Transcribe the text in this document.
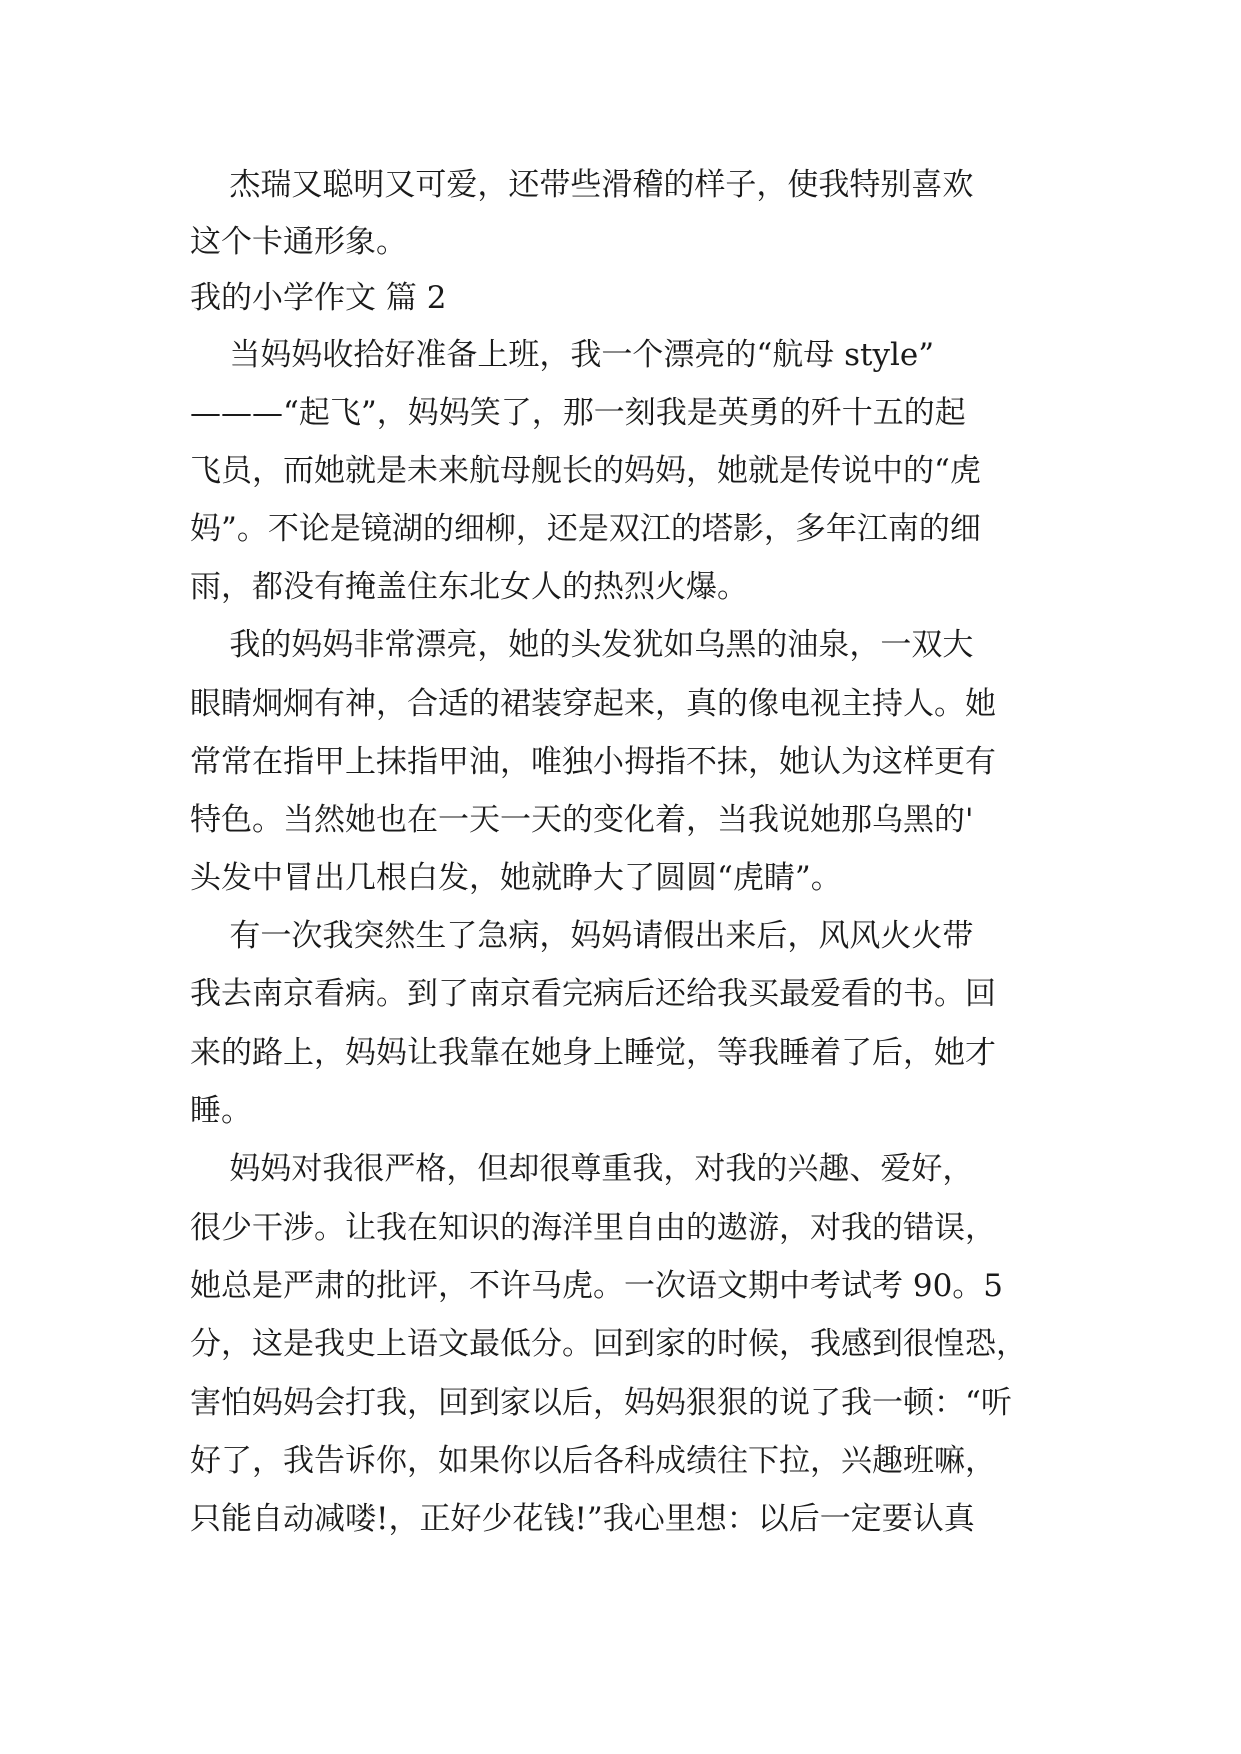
杰瑞又聪明又可爱，还带些滑稽的样子，使我特别喜欢
这个卡通形象。
我的小学作文 篇 2
当妈妈收拾好准备上班，我一个漂亮的“航母 style”
———“起飞”，妈妈笑了，那一刻我是英勇的歼十五的起
飞员，而她就是未来航母舰长的妈妈，她就是传说中的“虎
妈”。不论是镜湖的细柳，还是双江的塔影，多年江南的细
雨，都没有掩盖住东北女人的热烈火爆。
我的妈妈非常漂亮，她的头发犹如乌黑的油泉，一双大
眼睛炯炯有神，合适的裙装穿起来，真的像电视主持人。她
常常在指甲上抹指甲油，唯独小拇指不抹，她认为这样更有
特色。当然她也在一天一天的变化着，当我说她那乌黑的'
头发中冒出几根白发，她就睁大了圆圆“虎睛”。
有一次我突然生了急病，妈妈请假出来后，风风火火带
我去南京看病。到了南京看完病后还给我买最爱看的书。回
来的路上，妈妈让我靠在她身上睡觉，等我睡着了后，她才
睡。
妈妈对我很严格，但却很尊重我，对我的兴趣、爱好，
很少干涉。让我在知识的海洋里自由的遨游，对我的错误，
她总是严肃的批评，不许马虎。一次语文期中考试考 90。5
分，这是我史上语文最低分。回到家的时候，我感到很惶恐，
害怕妈妈会打我，回到家以后，妈妈狠狠的说了我一顿：“听
好了，我告诉你，如果你以后各科成绩往下拉，兴趣班嘛，
只能自动减喽!，正好少花钱!”我心里想：以后一定要认真
